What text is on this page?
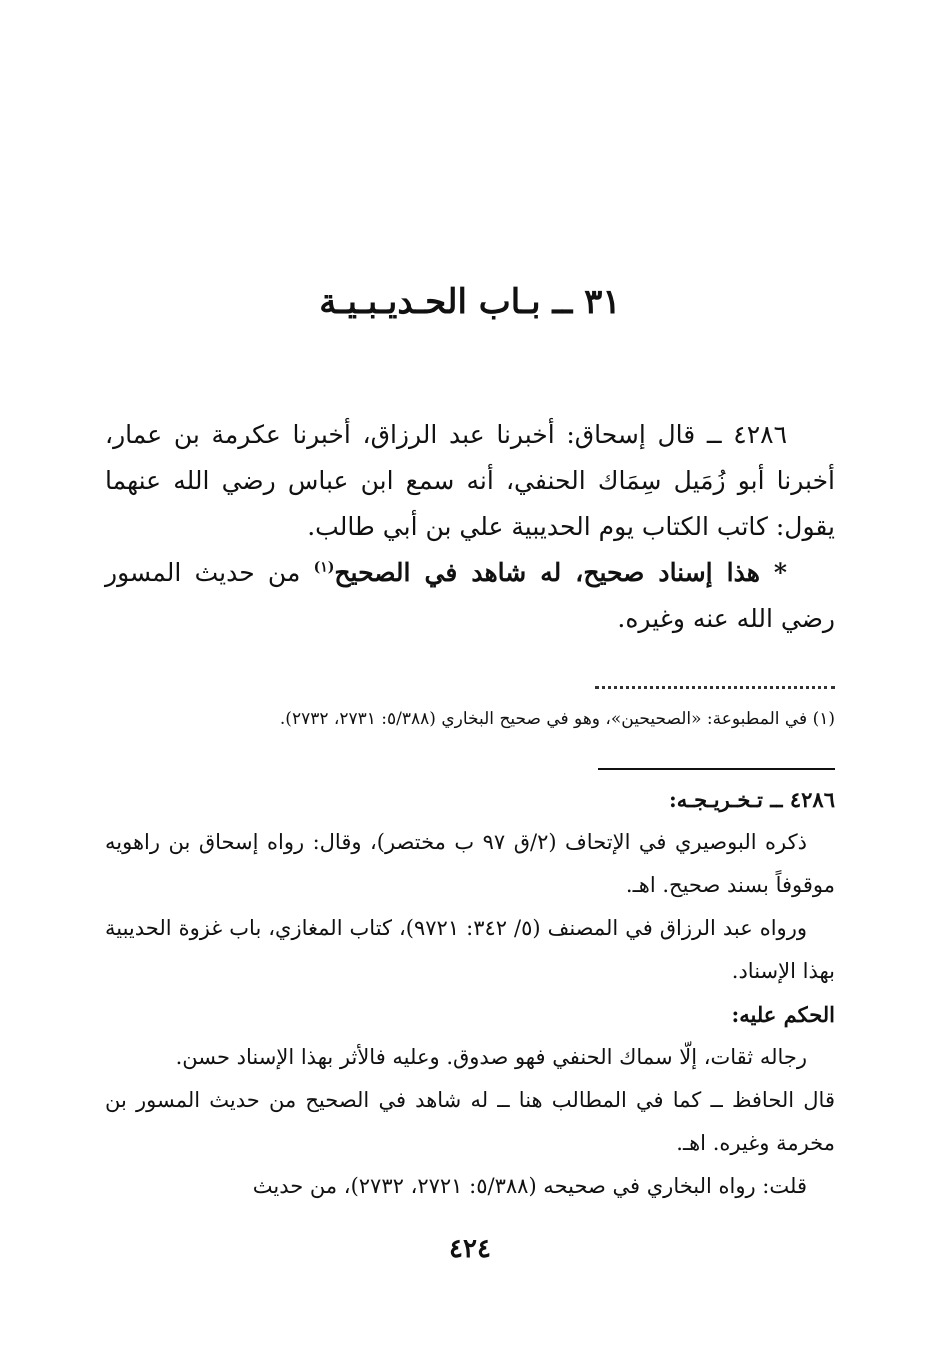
٣١ ــ بـاب الحـديـبـيـة

٤٢٨٦ ــ قال إسحاق: أخبرنا عبد الرزاق، أخبرنا عكرمة بن عمار، أخبرنا أبو زُمَيل سِمَاك الحنفي، أنه سمع ابن عباس رضي الله عنهما يقول: كاتب الكتاب يوم الحديبية علي بن أبي طالب.

* هذا إسناد صحيح، له شاهد في الصحيح$^{(١)}$ من حديث المسور رضي الله عنه وغيره.

(١) في المطبوعة: «الصحيحين»، وهو في صحيح البخاري (٥/٣٨٨: ٢٧٣١، ٢٧٣٢).

٤٢٨٦ ــ تـخـريـجـه:

ذكره البوصيري في الإتحاف (٢/ق ٩٧ ب مختصر)، وقال: رواه إسحاق بن راهويه موقوفاً بسند صحيح. اهـ.

ورواه عبد الرزاق في المصنف (٥/ ٣٤٢: ٩٧٢١)، كتاب المغازي، باب غزوة الحديبية بهذا الإسناد.

الحكم عليه:

رجاله ثقات، إلّا سماك الحنفي فهو صدوق. وعليه فالأثر بهذا الإسناد حسن.

قال الحافظ ــ كما في المطالب هنا ــ له شاهد في الصحيح من حديث المسور بن مخرمة وغيره. اهـ.

قلت: رواه البخاري في صحيحه (٥/٣٨٨: ٢٧٢١، ٢٧٣٢)، من حديث

٤٢٤
